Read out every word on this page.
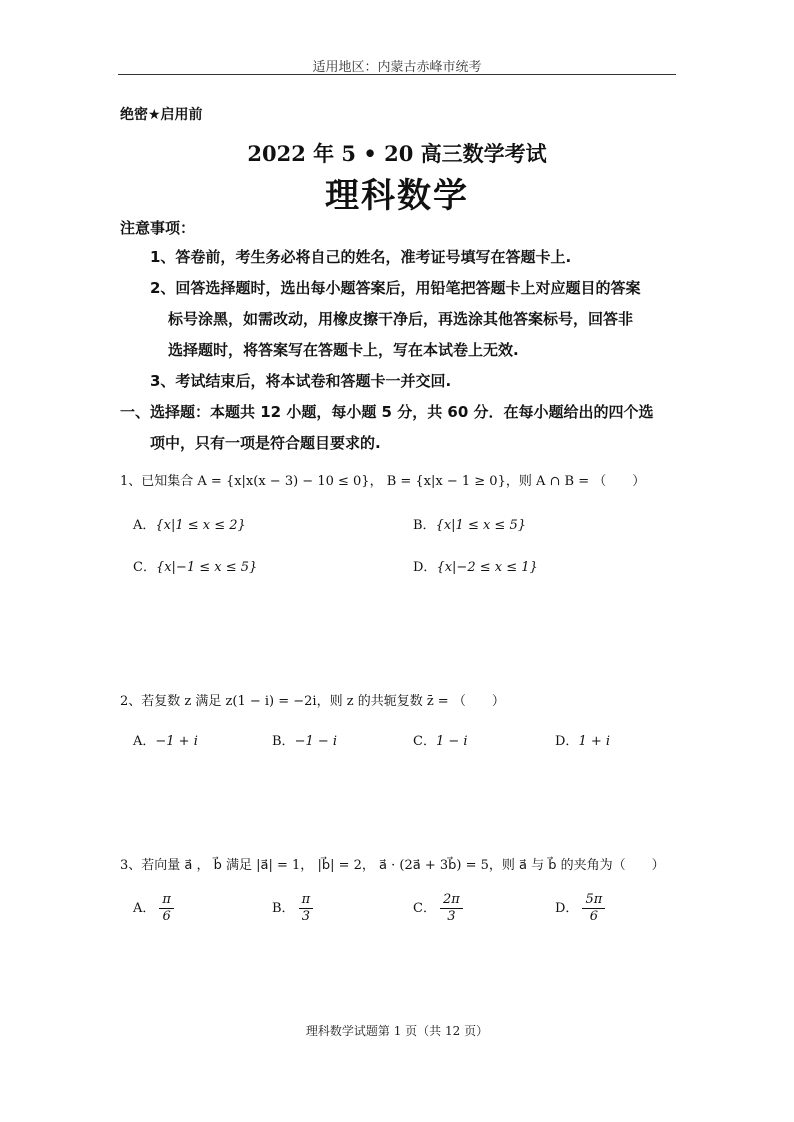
适用地区：内蒙古赤峰市统考
绝密★启用前
2022 年 5 • 20 高三数学考试
理科数学
注意事项：
1、答卷前，考生务必将自己的姓名，准考证号填写在答题卡上.
2、回答选择题时，选出每小题答案后，用铅笔把答题卡上对应题目的答案
标号涂黑，如需改动，用橡皮擦干净后，再选涂其他答案标号，回答非
选择题时，将答案写在答题卡上，写在本试卷上无效.
3、考试结束后，将本试卷和答题卡一并交回.
一、选择题：本题共 12 小题，每小题 5 分，共 60 分．在每小题给出的四个选
项中，只有一项是符合题目要求的.
1、已知集合 A = {x|x(x − 3) − 10 ≤ 0}， B = {x|x − 1 ≥ 0}，则 A ∩ B = （　　）
A．{x|1 ≤ x ≤ 2}	B．{x|1 ≤ x ≤ 5}
C．{x|−1 ≤ x ≤ 5}	D．{x|−2 ≤ x ≤ 1}
2、若复数 z 满足 z(1 − i) = −2i，则 z 的共轭复数 z̄ = （　　）
A．−1 + i	B．−1 − i	C．1 − i	D．1 + i
3、若向量 a⃗ ， b⃗ 满足 |a⃗| = 1， |b⃗| = 2， a⃗ · (2a⃗ + 3b⃗) = 5，则 a⃗ 与 b⃗ 的夹角为（　　）
A． $\frac{\pi}{6}$	B． $\frac{\pi}{3}$	C． $\frac{2\pi}{3}$	D． $\frac{5\pi}{6}$
理科数学试题第 1 页（共 12 页）
